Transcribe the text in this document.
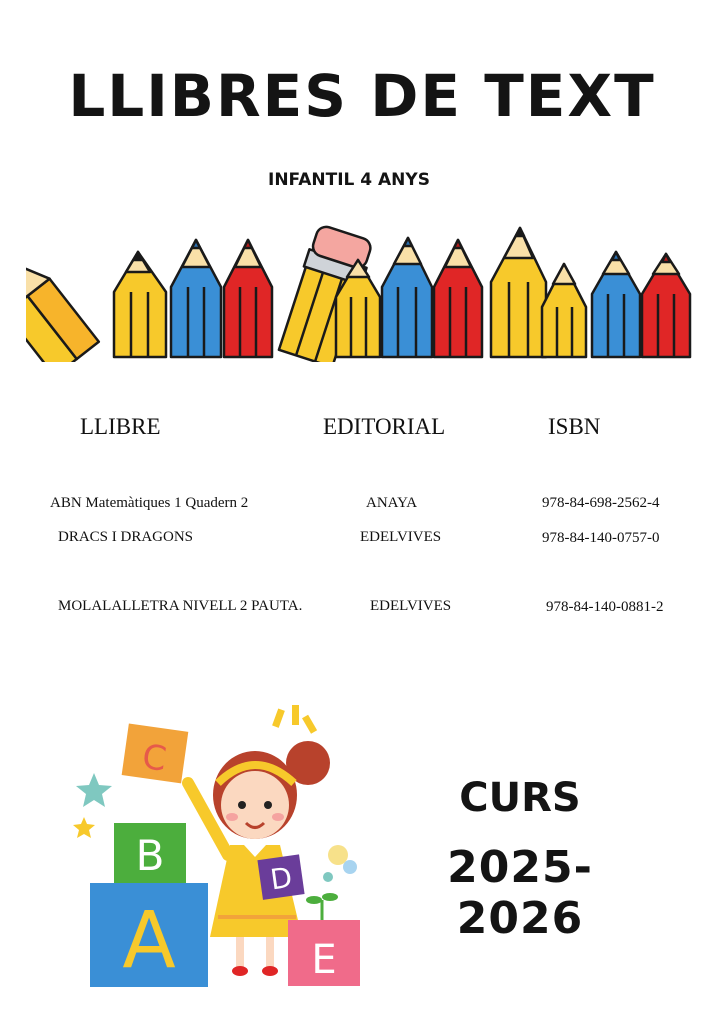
LLIBRES DE TEXT
INFANTIL 4 ANYS
LLIBRE	EDITORIAL	ISBN
ABN Matemàtiques 1 Quadern 2	ANAYA	978-84-698-2562-4
DRACS I DRAGONS	EDELVIVES	978-84-140-0757-0
MOLALALLETRA NIVELL 2 PAUTA.	EDELVIVES	978-84-140-0881-2
C
B
A
D
E
CURS
2025-2026
